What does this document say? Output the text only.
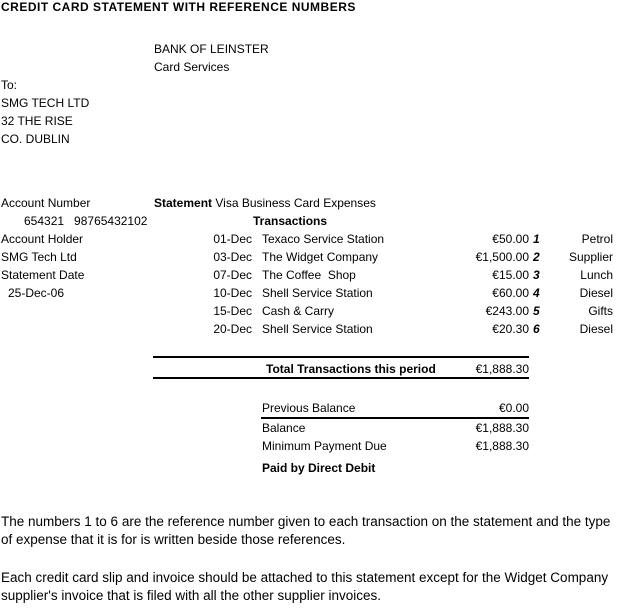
CREDIT CARD STATEMENT WITH REFERENCE NUMBERS
BANK OF LEINSTER
Card Services
To:
SMG TECH LTD
32 THE RISE
CO. DUBLIN
Account Number
654321   98765432102
Account Holder
SMG Tech Ltd
Statement Date
25-Dec-06
Statement Visa Business Card Expenses
Transactions
01-Dec Texaco Service Station	€50.00 1	Petrol
03-Dec The Widget Company	€1,500.00 2	Supplier
07-Dec The Coffee  Shop	€15.00 3	Lunch
10-Dec Shell Service Station	€60.00 4	Diesel
15-Dec Cash & Carry	€243.00 5	Gifts
20-Dec Shell Service Station	€20.30 6	Diesel
Total Transactions this period	€1,888.30
Previous Balance	€0.00
Balance	€1,888.30
Minimum Payment Due	€1,888.30
Paid by Direct Debit
The numbers 1 to 6 are the reference number given to each transaction on the statement and the type of expense that it is for is written beside those references.
Each credit card slip and invoice should be attached to this statement except for the Widget Company supplier's invoice that is filed with all the other supplier invoices.
